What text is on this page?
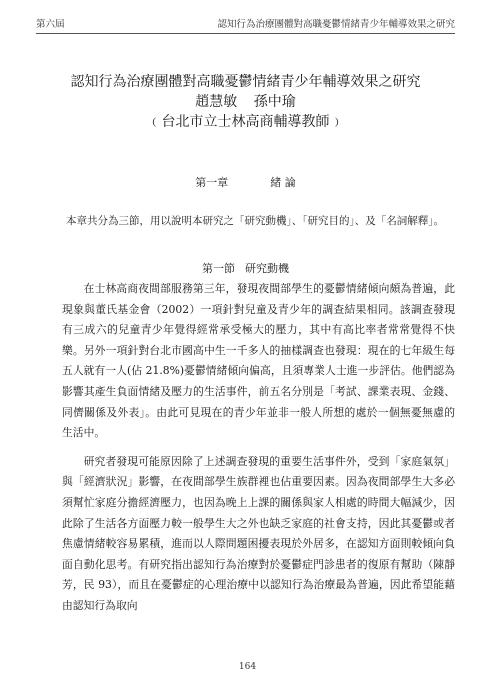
第六屆	認知行為治療團體對高職憂鬱情緒青少年輔導效果之研究
認知行為治療團體對高職憂鬱情緒青少年輔導效果之研究
趙慧敏 孫中瑜
﹙台北市立士林高商輔導教師﹚
第一章	緒 論
本章共分為三節，用以說明本研究之「研究動機」、「研究目的」、及「名詞解釋」。
第一節 研究動機

在士林高商夜間部服務第三年，發現夜間部學生的憂鬱情緒傾向頗為普遍，此現象與董氏基金會（2002）一項針對兒童及青少年的調查結果相同。該調查發現有三成六的兒童青少年覺得經常承受極大的壓力，其中有高比率者常常覺得不快樂。另外一項針對台北市國高中生一千多人的抽樣調查也發現：現在的七年級生每五人就有一人(佔 21.8%)憂鬱情緒傾向偏高，且須專業人士進一步評估。他們認為影響其產生負面情緒及壓力的生活事件，前五名分別是「考試、課業表現、金錢、同儕關係及外表」。由此可見現在的青少年並非一般人所想的處於一個無憂無慮的生活中。

研究者發現可能原因除了上述調查發現的重要生活事件外，受到「家庭氣氛」與「經濟狀況」影響，在夜間部學生族群裡也佔重要因素。因為夜間部學生大多必須幫忙家庭分擔經濟壓力，也因為晚上上課的關係與家人相處的時間大幅減少，因此除了生活各方面壓力較一般學生大之外也缺乏家庭的社會支持，因此其憂鬱或者焦慮情緒較容易累積，進而以人際問題困擾表現於外居多，在認知方面則較傾向負面自動化思考。有研究指出認知行為治療對於憂鬱症門診患者的復原有幫助（陳靜芳，民 93），而且在憂鬱症的心理治療中以認知行為治療最為普遍，因此希望能藉由認知行為取向

164
